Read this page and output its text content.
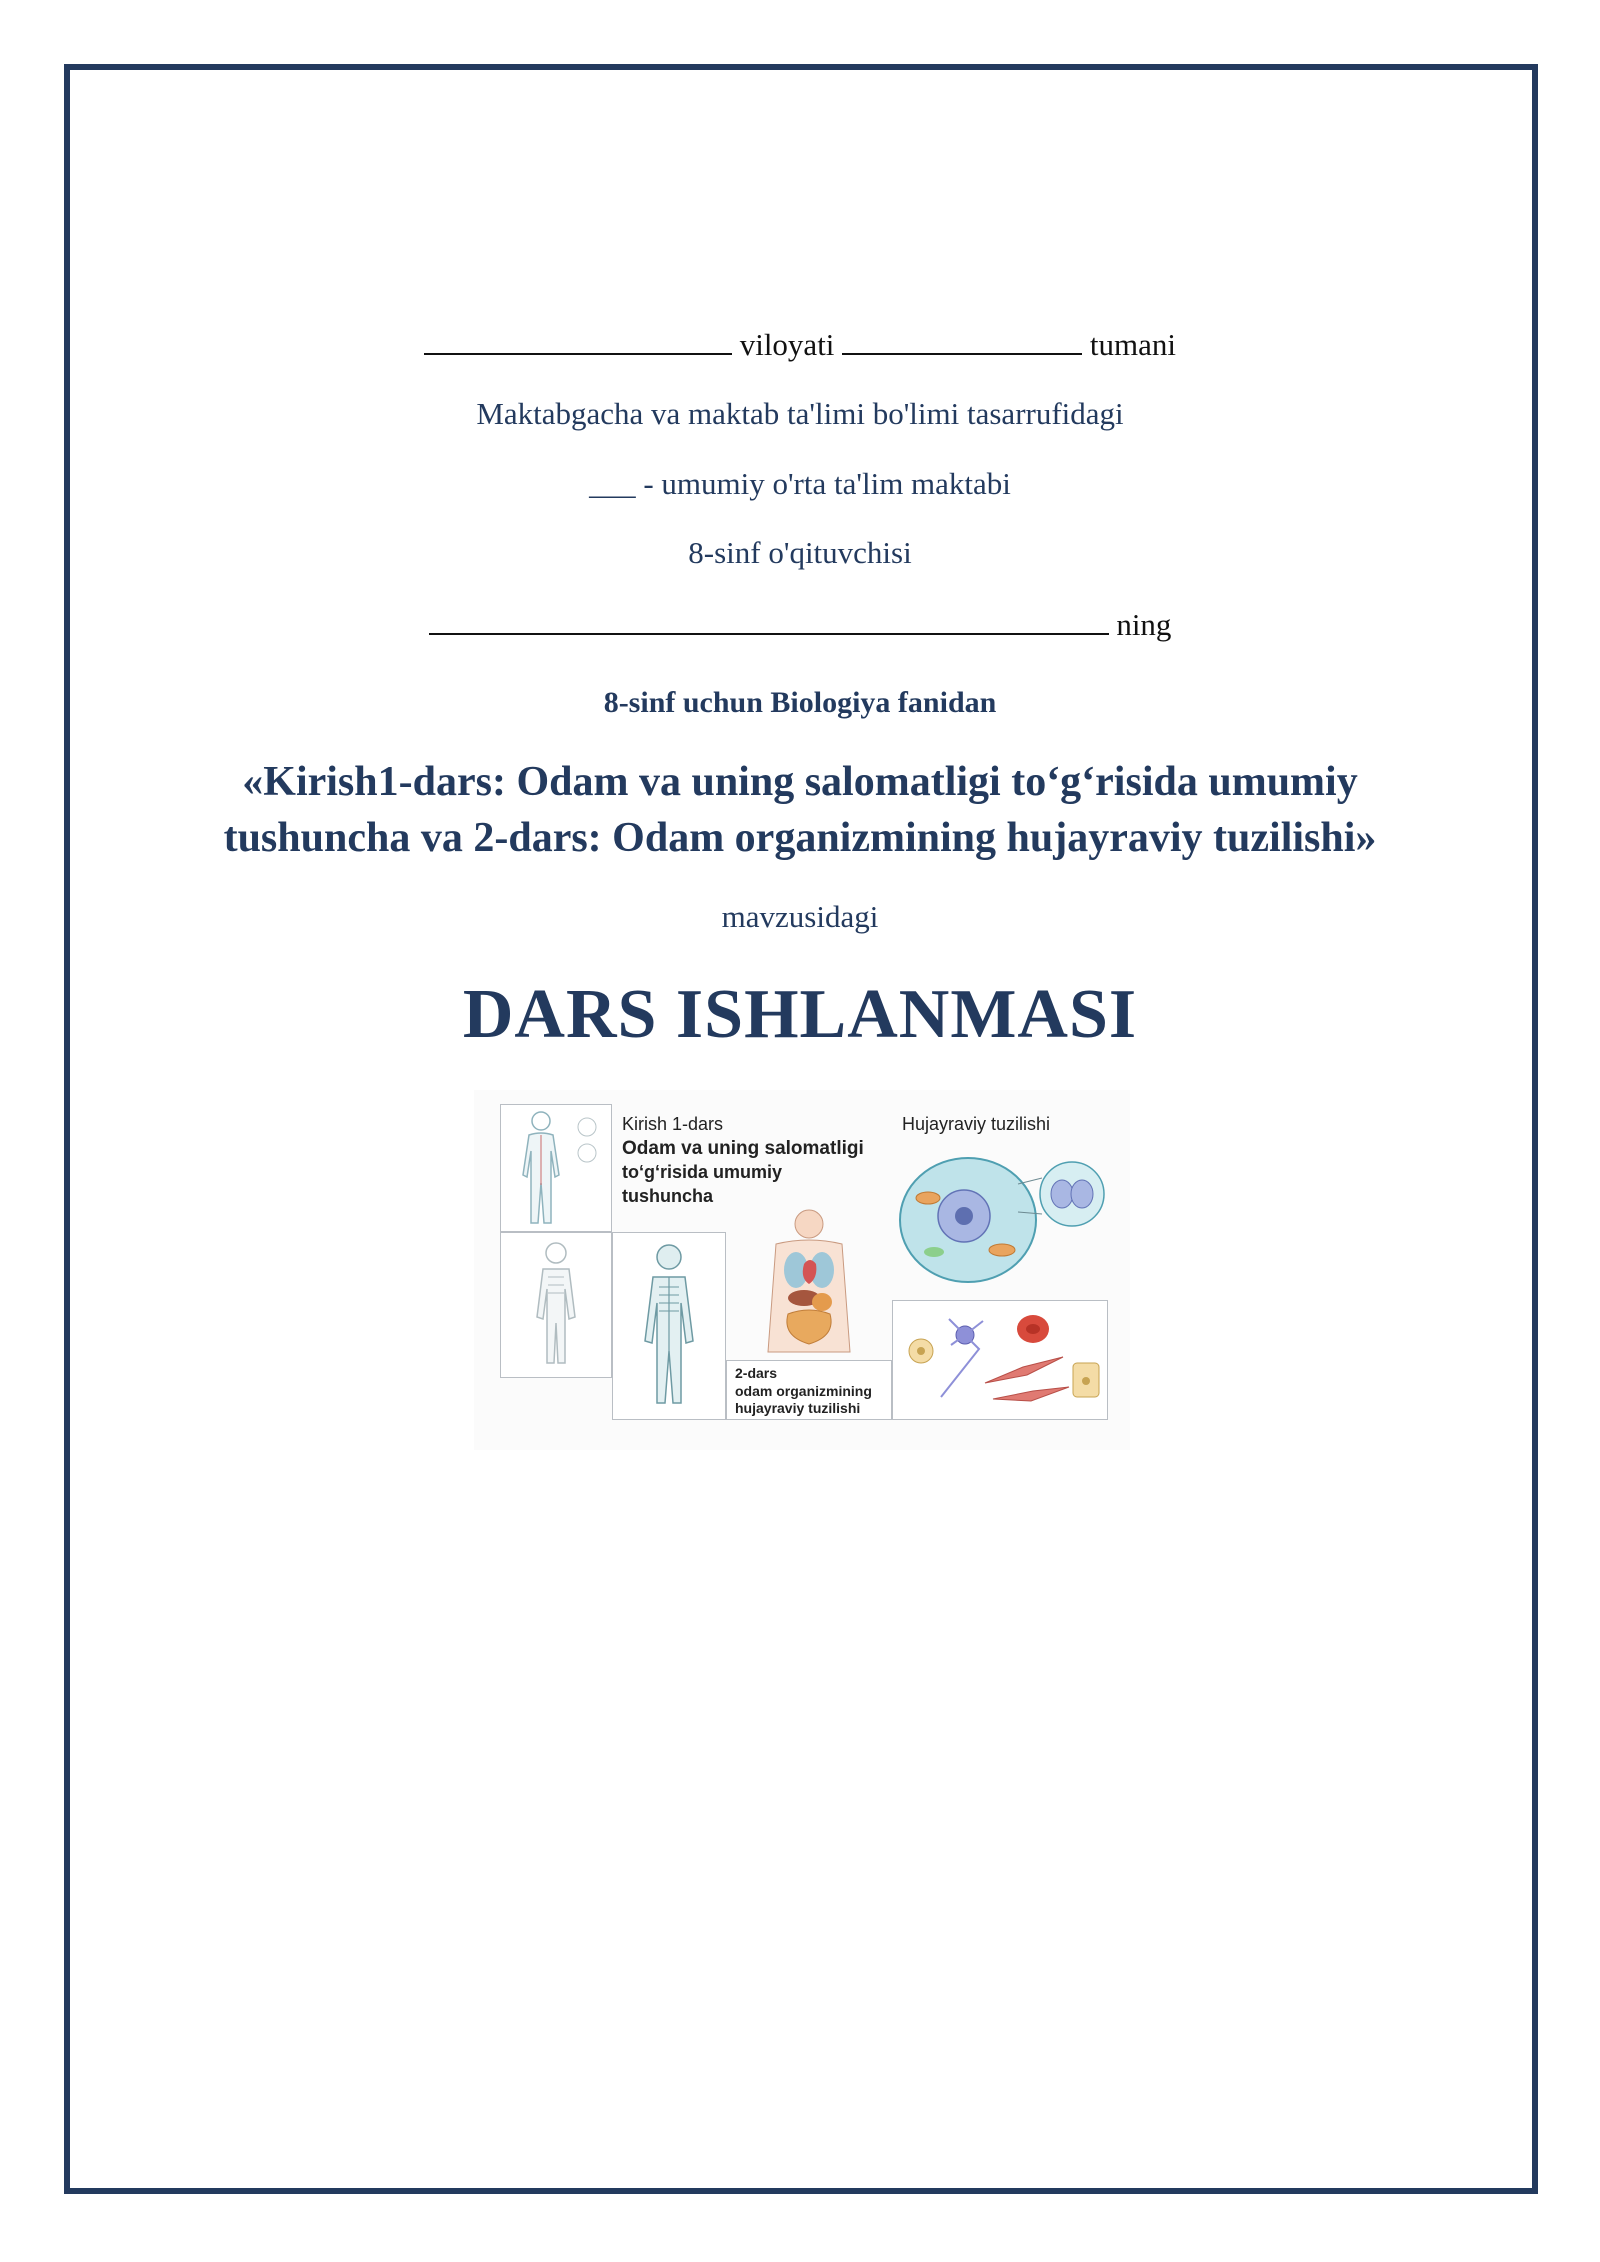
viloyati	tumani
Maktabgacha va maktab ta'limi bo'limi tasarrufidagi
___ - umumiy o'rta ta'lim maktabi
8-sinf o'qituvchisi
ning
8-sinf uchun Biologiya fanidan
«Kirish1-dars: Odam va uning salomatligi to‘g‘risida umumiy
tushuncha va 2-dars: Odam organizmining hujayraviy tuzilishi»
mavzusidagi
DARS ISHLANMASI
Kirish 1-dars
Odam va uning salomatligi
to‘g‘risida umumiy
tushuncha
2-dars
odam organizmining
hujayraviy tuzilishi
Hujayraviy tuzilishi
